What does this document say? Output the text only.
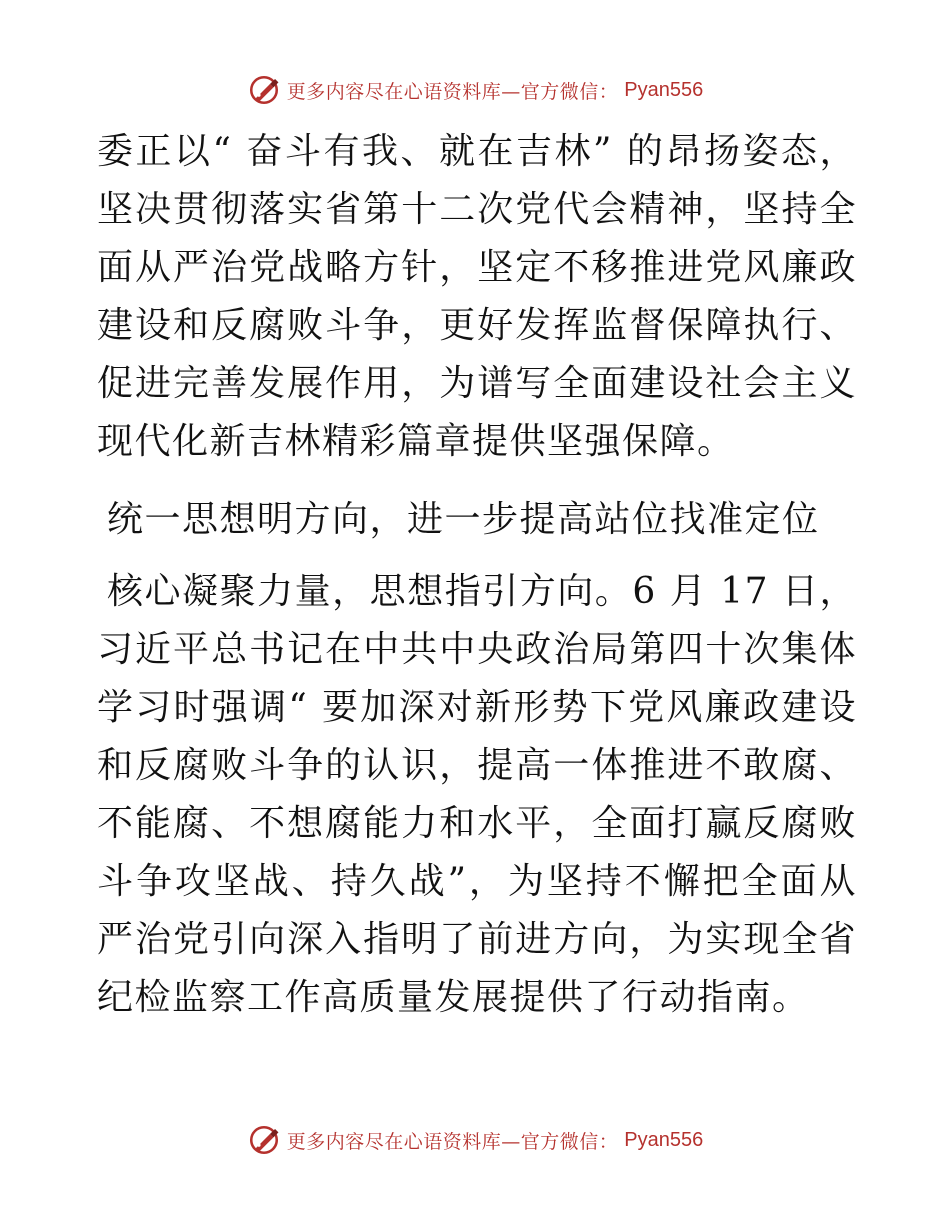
更多内容尽在心语资料库—官方微信： Pyan556

委正以“ 奋斗有我、就在吉林” 的昂扬姿态，坚决贯彻落实省第十二次党代会精神，坚持全面从严治党战略方针，坚定不移推进党风廉政建设和反腐败斗争，更好发挥监督保障执行、促进完善发展作用，为谱写全面建设社会主义现代化新吉林精彩篇章提供坚强保障。

统一思想明方向，进一步提高站位找准定位

核心凝聚力量，思想指引方向。6 月 17 日，习近平总书记在中共中央政治局第四十次集体学习时强调“ 要加深对新形势下党风廉政建设和反腐败斗争的认识，提高一体推进不敢腐、不能腐、不想腐能力和水平，全面打赢反腐败斗争攻坚战、持久战”，为坚持不懈把全面从严治党引向深入指明了前进方向，为实现全省纪检监察工作高质量发展提供了行动指南。

更多内容尽在心语资料库—官方微信： Pyan556
